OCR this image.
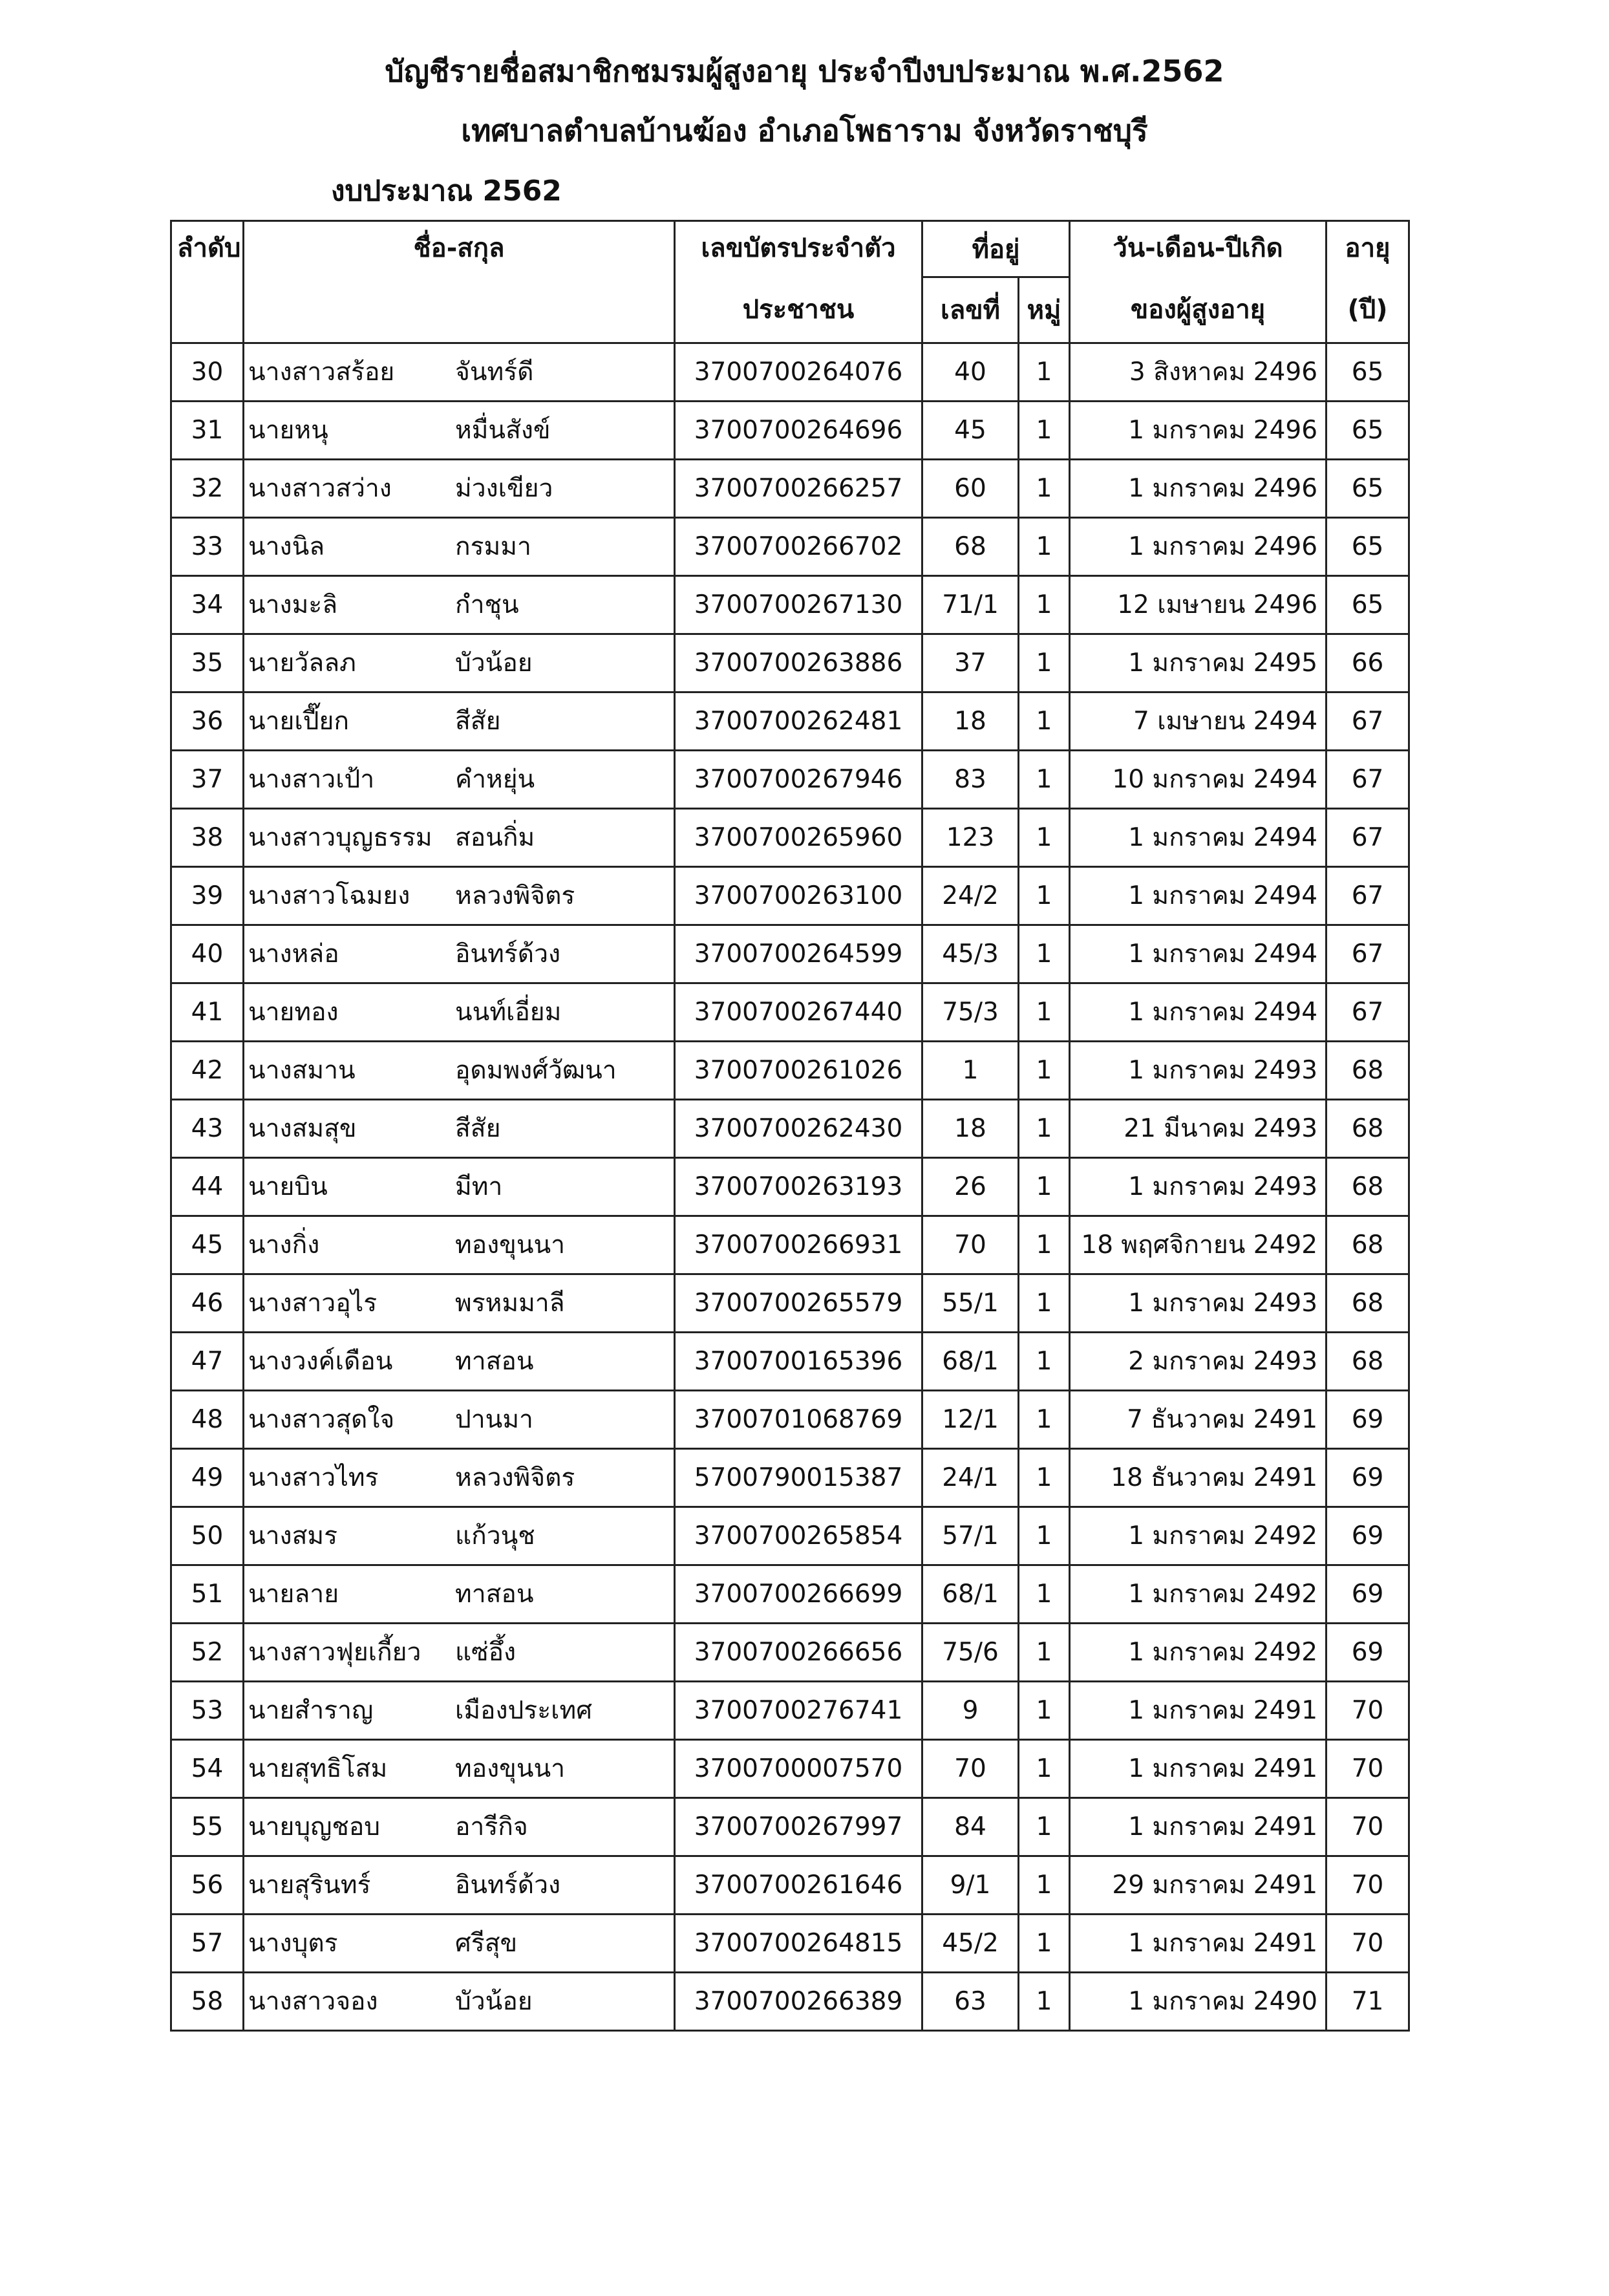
บัญชีรายชื่อสมาชิกชมรมผู้สูงอายุ ประจำปีงบประมาณ พ.ศ.2562
เทศบาลตำบลบ้านฆ้อง อำเภอโพธาราม จังหวัดราชบุรี
งบประมาณ 2562
ลำดับ	ชื่อ-สกุล	เลขบัตรประจำตัว	ที่อยู่		วัน-เดือน-ปีเกิด	อายุ
		ประชาชน	เลขที่	หมู่	ของผู้สูงอายุ	(ปี)
30	นางสาวสร้อย จันทร์ดี	3700700264076	40	1	3 สิงหาคม 2496	65
31	นายหนุ หมื่นสังข์	3700700264696	45	1	1 มกราคม 2496	65
32	นางสาวสว่าง ม่วงเขียว	3700700266257	60	1	1 มกราคม 2496	65
33	นางนิล กรมมา	3700700266702	68	1	1 มกราคม 2496	65
34	นางมะลิ กำชุน	3700700267130	71/1	1	12 เมษายน 2496	65
35	นายวัลลภ บัวน้อย	3700700263886	37	1	1 มกราคม 2495	66
36	นายเปี๊ยก สีสัย	3700700262481	18	1	7 เมษายน 2494	67
37	นางสาวเป้า คำหยุ่น	3700700267946	83	1	10 มกราคม 2494	67
38	นางสาวบุญธรรม สอนกิ่ม	3700700265960	123	1	1 มกราคม 2494	67
39	นางสาวโฉมยง หลวงพิจิตร	3700700263100	24/2	1	1 มกราคม 2494	67
40	นางหล่อ อินทร์ด้วง	3700700264599	45/3	1	1 มกราคม 2494	67
41	นายทอง นนท์เอี่ยม	3700700267440	75/3	1	1 มกราคม 2494	67
42	นางสมาน อุดมพงศ์วัฒนา	3700700261026	1	1	1 มกราคม 2493	68
43	นางสมสุข สีสัย	3700700262430	18	1	21 มีนาคม 2493	68
44	นายบิน มีทา	3700700263193	26	1	1 มกราคม 2493	68
45	นางกิ่ง ทองขุนนา	3700700266931	70	1	18 พฤศจิกายน 2492	68
46	นางสาวอุไร พรหมมาลี	3700700265579	55/1	1	1 มกราคม 2493	68
47	นางวงค์เดือน ทาสอน	3700700165396	68/1	1	2 มกราคม 2493	68
48	นางสาวสุดใจ ปานมา	3700701068769	12/1	1	7 ธันวาคม 2491	69
49	นางสาวไทร หลวงพิจิตร	5700790015387	24/1	1	18 ธันวาคม 2491	69
50	นางสมร แก้วนุช	3700700265854	57/1	1	1 มกราคม 2492	69
51	นายลาย ทาสอน	3700700266699	68/1	1	1 มกราคม 2492	69
52	นางสาวฟุยเกี้ยว แซ่อึ้ง	3700700266656	75/6	1	1 มกราคม 2492	69
53	นายสำราญ เมืองประเทศ	3700700276741	9	1	1 มกราคม 2491	70
54	นายสุทธิโสม ทองขุนนา	3700700007570	70	1	1 มกราคม 2491	70
55	นายบุญชอบ อารีกิจ	3700700267997	84	1	1 มกราคม 2491	70
56	นายสุรินทร์ อินทร์ด้วง	3700700261646	9/1	1	29 มกราคม 2491	70
57	นางบุตร ศรีสุข	3700700264815	45/2	1	1 มกราคม 2491	70
58	นางสาวจอง บัวน้อย	3700700266389	63	1	1 มกราคม 2490	71
